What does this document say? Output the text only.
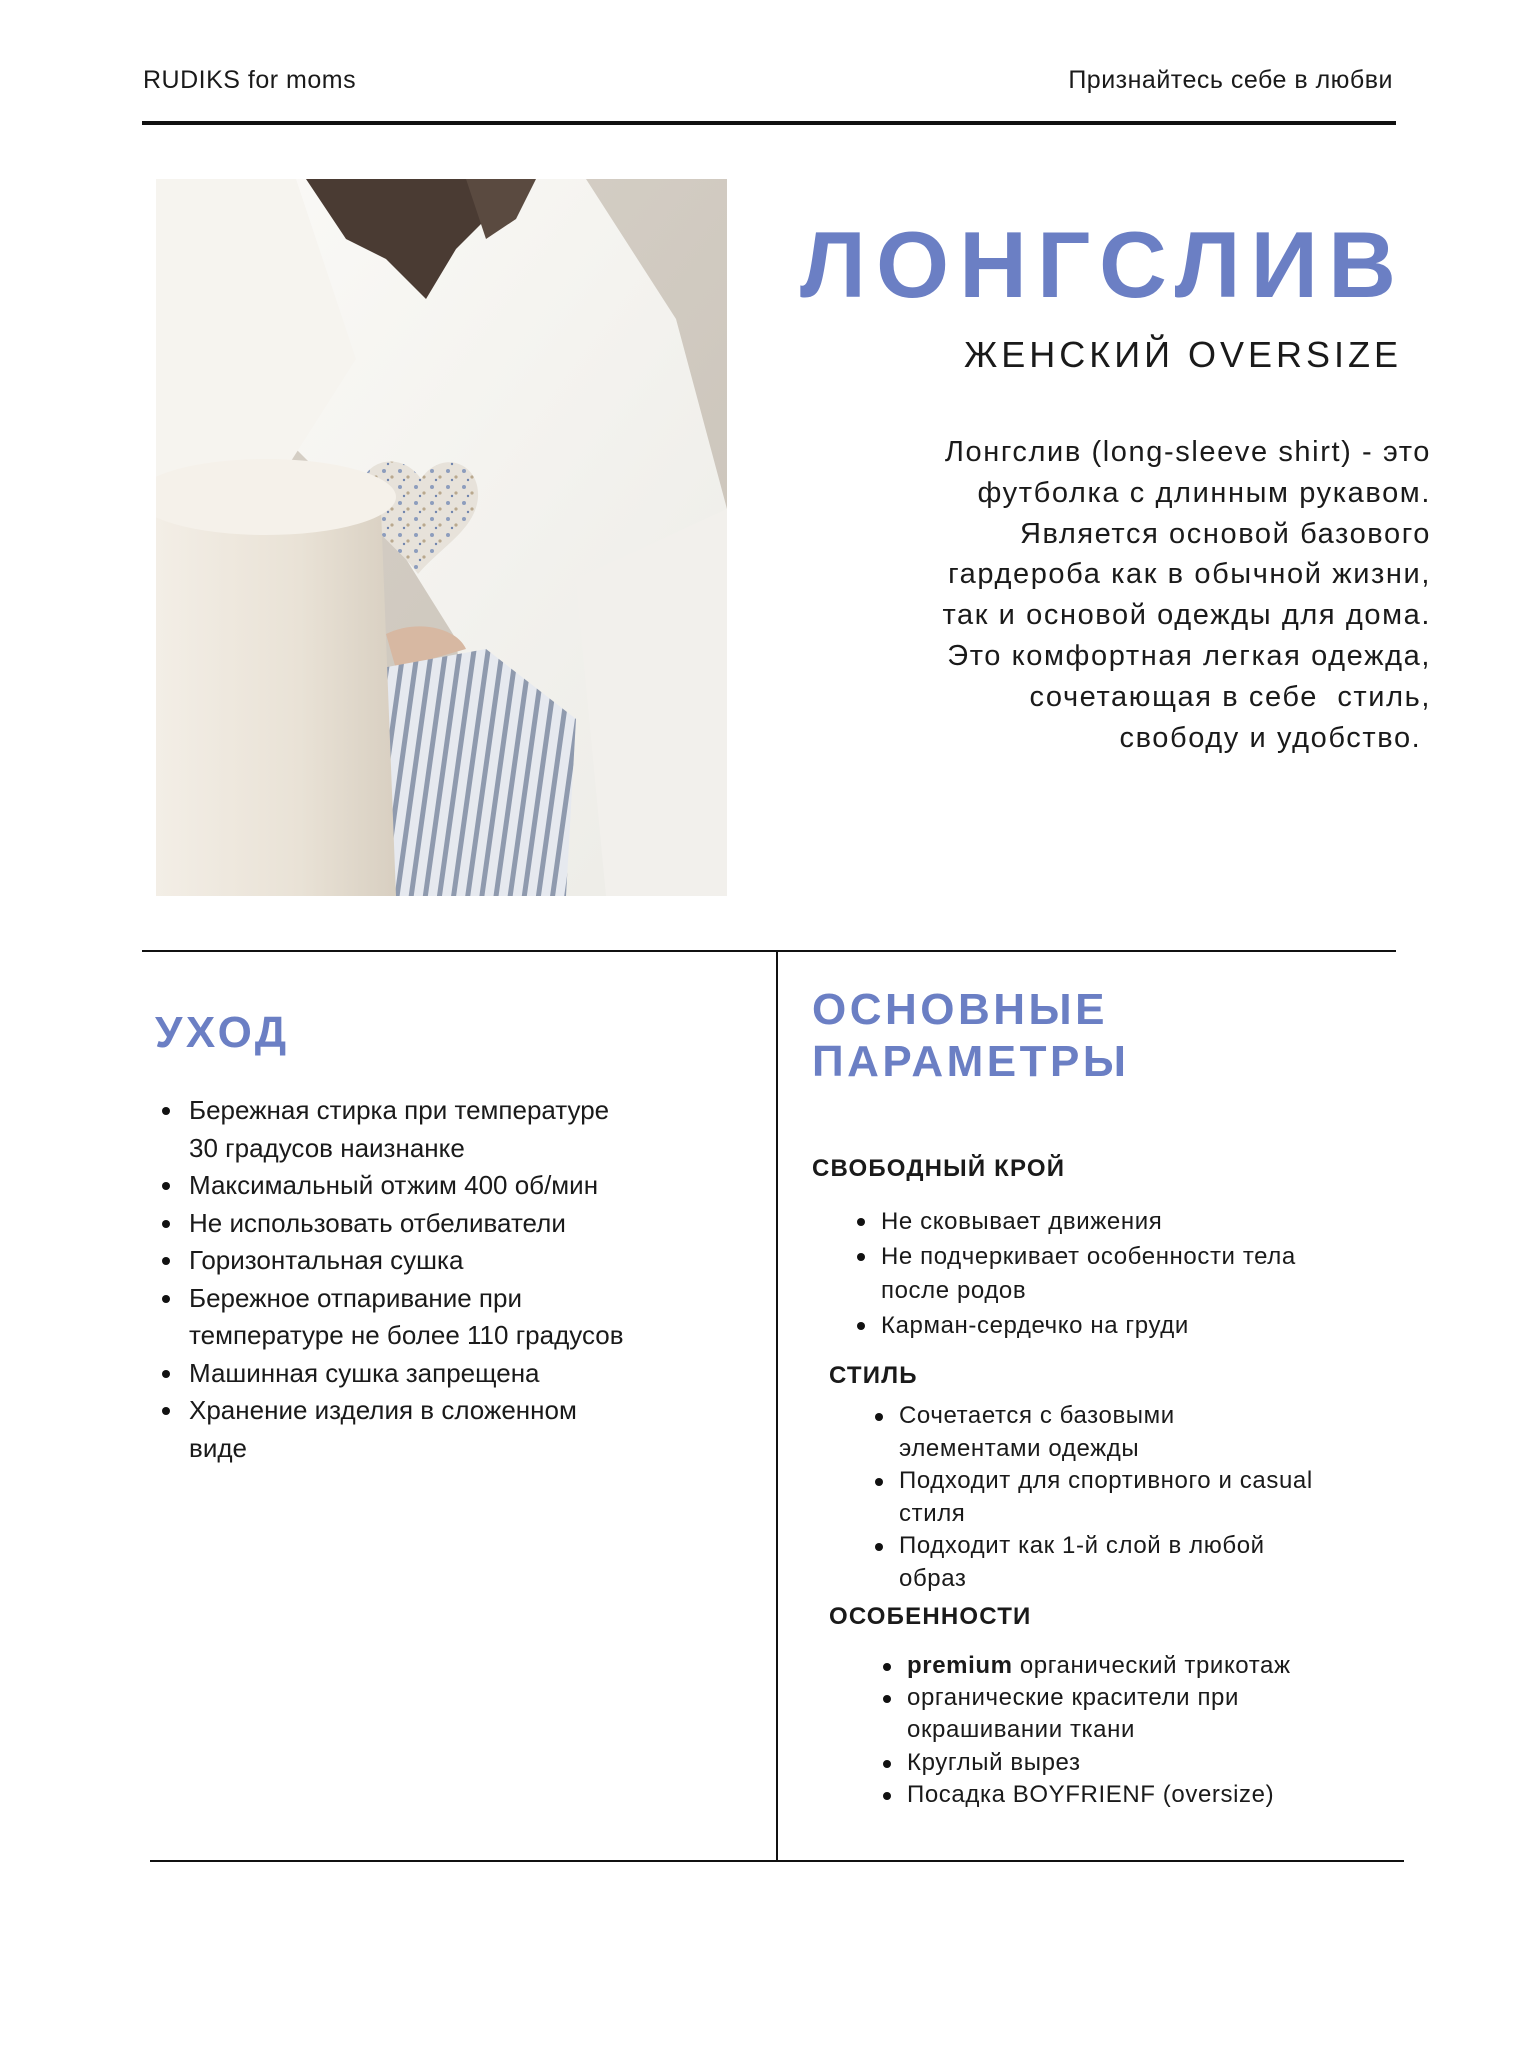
RUDIKS for moms	Признайтесь себе в любви
ЛОНГСЛИВ
ЖЕНСКИЙ OVERSIZE
Лонгслив (long-sleeve shirt) - это
футболка с длинным рукавом.
Является основой базового
гардероба как в обычной жизни,
так и основой одежды для дома.
Это комфортная легкая одежда,
сочетающая в себе  стиль,
свободу и удобство.
УХОД
Бережная стирка при температуре 30 градусов наизнанке
Максимальный отжим 400 об/мин
Не использовать отбеливатели
Горизонтальная сушка
Бережное отпаривание при температуре не более 110 градусов
Машинная сушка запрещена
Хранение изделия в сложенном виде
ОСНОВНЫЕ
ПАРАМЕТРЫ
СВОБОДНЫЙ КРОЙ
Не сковывает движения
Не подчеркивает особенности тела после родов
Карман-сердечко на груди
СТИЛЬ
Сочетается с базовыми элементами одежды
Подходит для спортивного и casual стиля
Подходит как 1-й слой в любой образ
ОСОБЕННОСТИ
premium органический трикотаж
органические красители при окрашивании ткани
Круглый вырез
Посадка BOYFRIENF (oversize)
